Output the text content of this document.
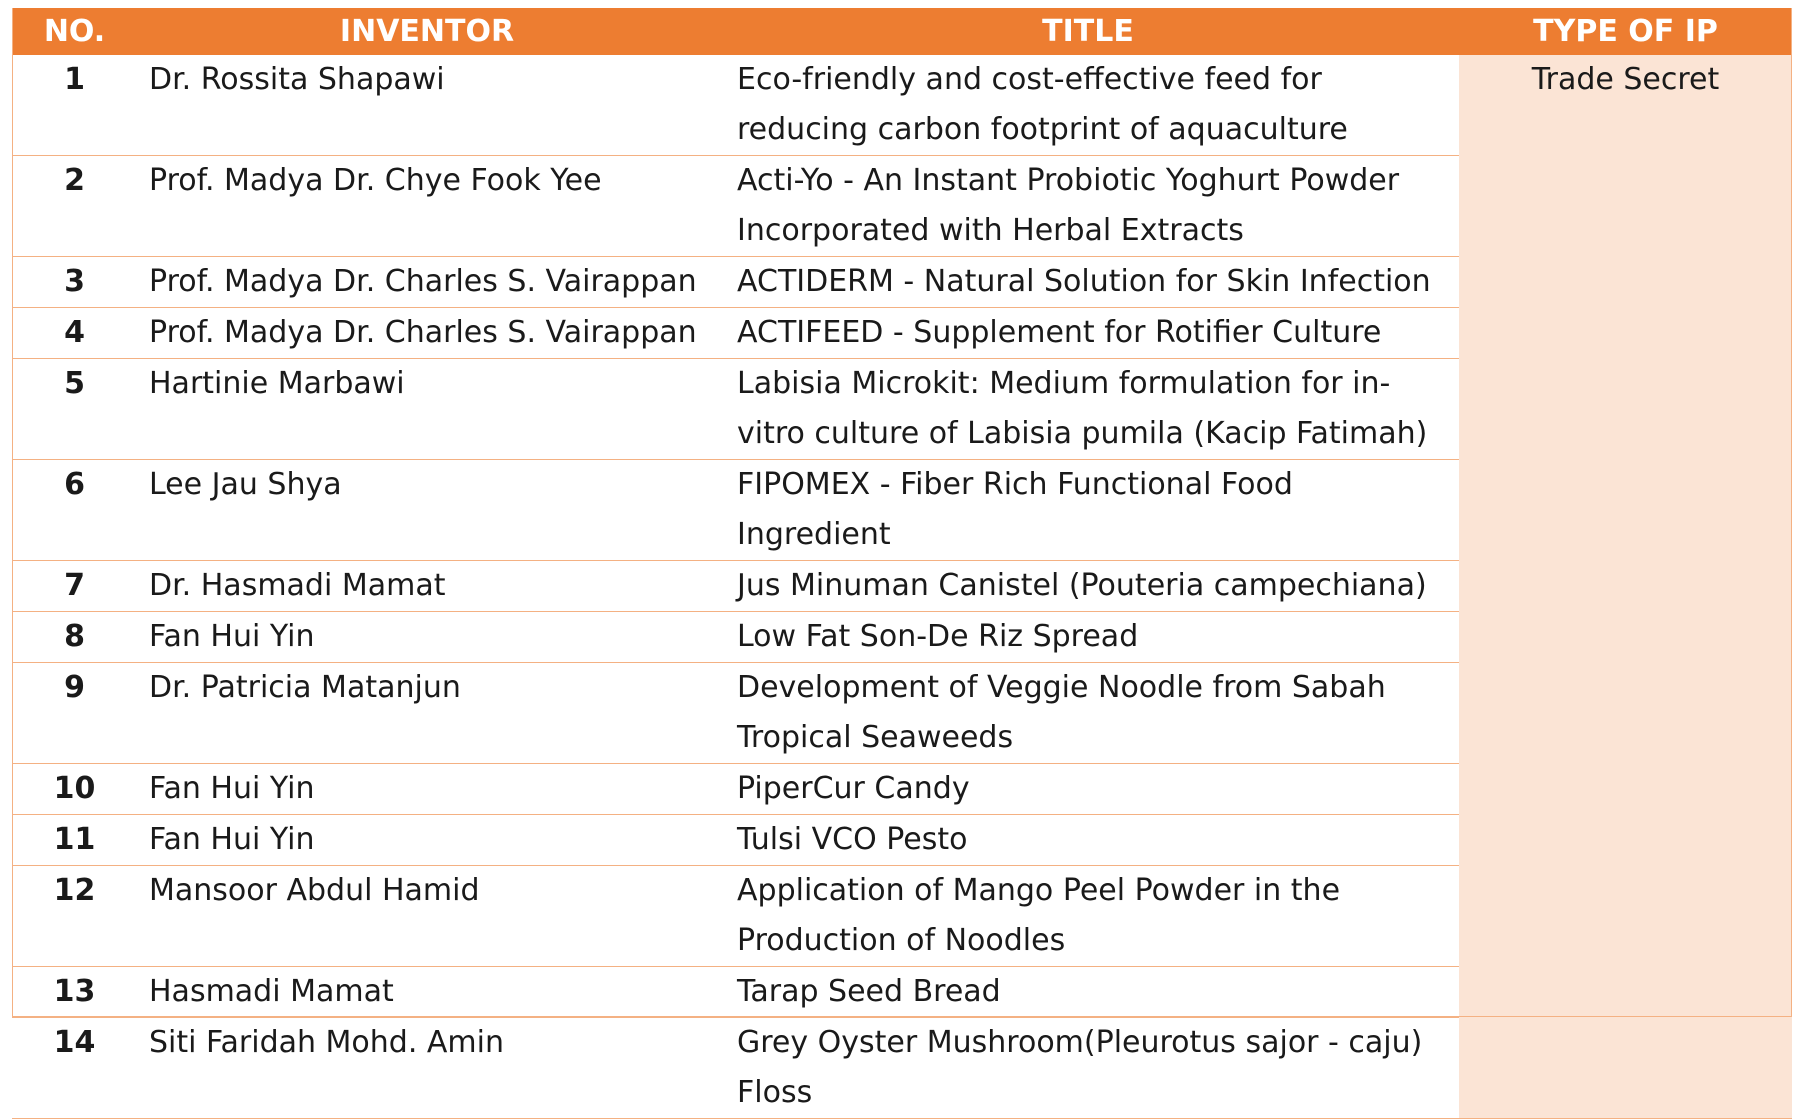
NO.	INVENTOR	TITLE	TYPE OF IP
1	Dr. Rossita Shapawi	Eco-friendly and cost-effective feed for reducing carbon footprint of aquaculture	Trade Secret
2	Prof. Madya Dr. Chye Fook Yee	Acti-Yo - An Instant Probiotic Yoghurt Powder Incorporated with Herbal Extracts	
3	Prof. Madya Dr. Charles S. Vairappan	ACTIDERM - Natural Solution for Skin Infection	
4	Prof. Madya Dr. Charles S. Vairappan	ACTIFEED - Supplement for Rotifier Culture	
5	Hartinie Marbawi	Labisia Microkit: Medium formulation for in-vitro culture of Labisia pumila (Kacip Fatimah)	
6	Lee Jau Shya	FIPOMEX - Fiber Rich Functional Food Ingredient	
7	Dr. Hasmadi Mamat	Jus Minuman Canistel (Pouteria campechiana)	
8	Fan Hui Yin	Low Fat Son-De Riz Spread	
9	Dr. Patricia Matanjun	Development of Veggie Noodle from Sabah Tropical Seaweeds	
10	Fan Hui Yin	PiperCur Candy	
11	Fan Hui Yin	Tulsi VCO Pesto	
12	Mansoor Abdul Hamid	Application of Mango Peel Powder in the Production of Noodles	
13	Hasmadi Mamat	Tarap Seed Bread	
14	Siti Faridah Mohd. Amin	Grey Oyster Mushroom(Pleurotus sajor - caju) Floss	
